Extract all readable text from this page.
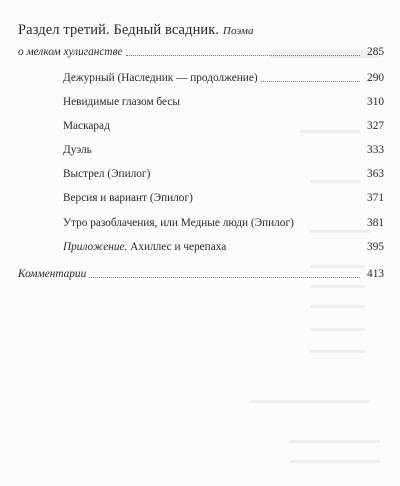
Раздел третий. Бедный всадник. Поэма
о мелком хулиганстве	285
Дежурный (Наследник — продолжение)	290
Невидимые глазом бесы	310
Маскарад	327
Дуэль	333
Выстрел (Эпилог)	363
Версия и вариант (Эпилог)	371
Утро разоблачения, или Медные люди (Эпилог)	381
Приложение. Ахиллес и черепаха	395
Комментарии	413
